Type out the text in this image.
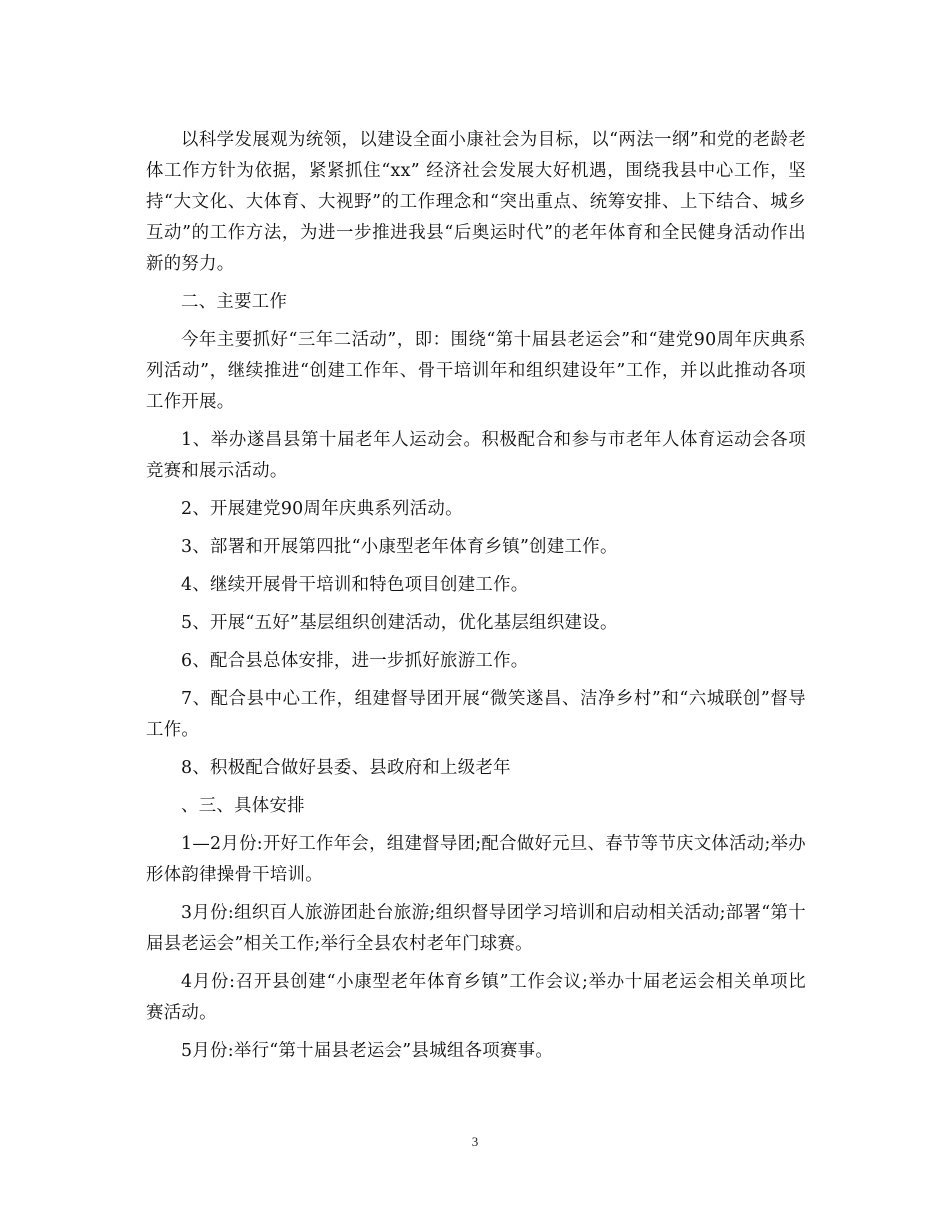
以科学发展观为统领，以建设全面小康社会为目标，以“两法一纲”和党的老龄老体工作方针为依据，紧紧抓住“xx” 经济社会发展大好机遇，围绕我县中心工作，坚持“大文化、大体育、大视野”的工作理念和“突出重点、统筹安排、上下结合、城乡互动”的工作方法，为进一步推进我县“后奥运时代”的老年体育和全民健身活动作出新的努力。

二、主要工作

今年主要抓好“三年二活动”，即：围绕“第十届县老运会”和“建党90周年庆典系列活动”，继续推进“创建工作年、骨干培训年和组织建设年”工作，并以此推动各项工作开展。

1、举办遂昌县第十届老年人运动会。积极配合和参与市老年人体育运动会各项竞赛和展示活动。

2、开展建党90周年庆典系列活动。

3、部署和开展第四批“小康型老年体育乡镇”创建工作。

4、继续开展骨干培训和特色项目创建工作。

5、开展“五好”基层组织创建活动，优化基层组织建设。

6、配合县总体安排，进一步抓好旅游工作。

7、配合县中心工作，组建督导团开展“微笑遂昌、洁净乡村”和“六城联创”督导工作。

8、积极配合做好县委、县政府和上级老年

、三、具体安排

1—2月份:开好工作年会，组建督导团;配合做好元旦、春节等节庆文体活动;举办形体韵律操骨干培训。

3月份:组织百人旅游团赴台旅游;组织督导团学习培训和启动相关活动;部署“第十届县老运会”相关工作;举行全县农村老年门球赛。

4月份:召开县创建“小康型老年体育乡镇”工作会议;举办十届老运会相关单项比赛活动。

5月份:举行“第十届县老运会”县城组各项赛事。

3
